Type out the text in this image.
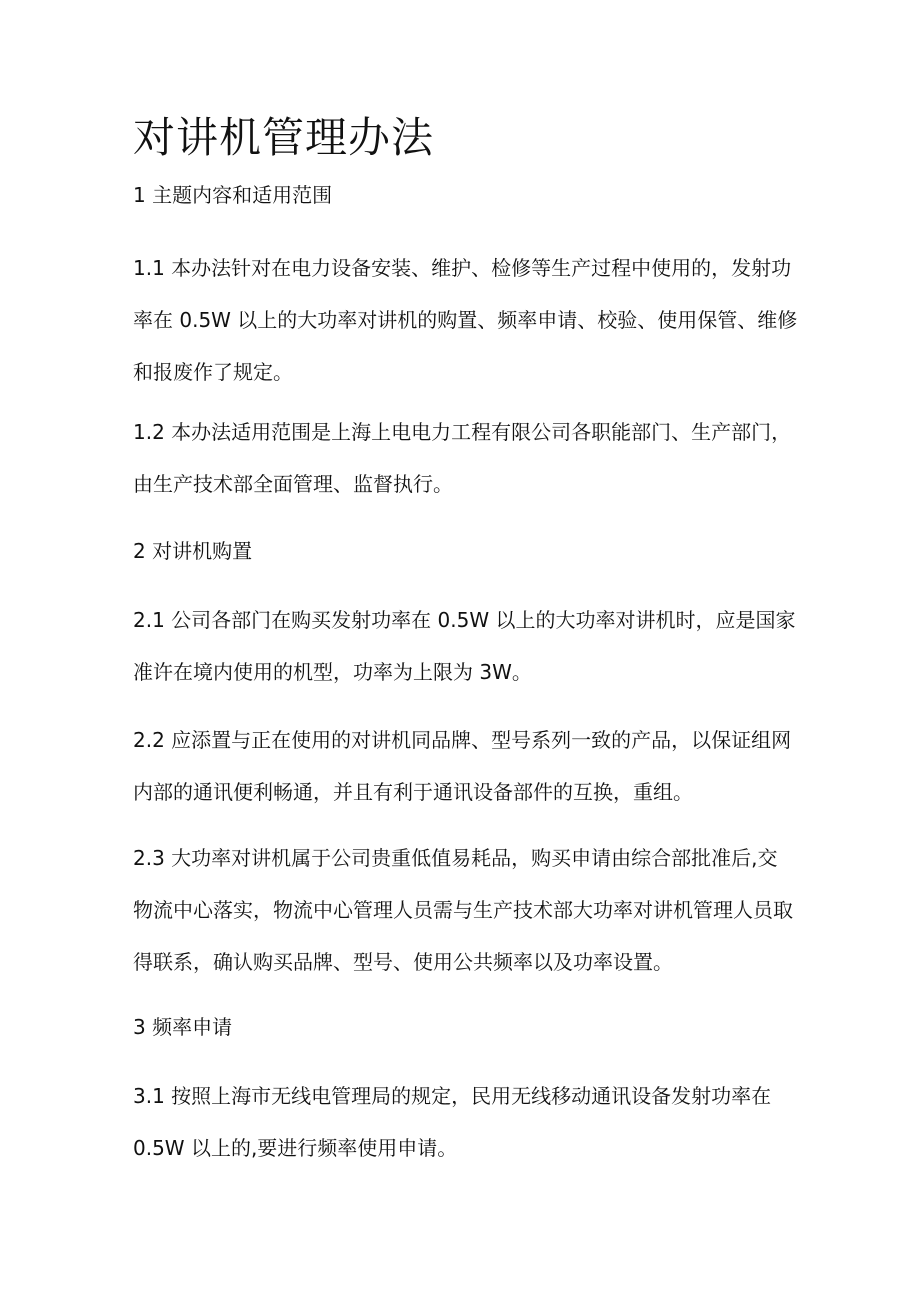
对讲机管理办法
1 主题内容和适用范围
1.1 本办法针对在电力设备安装、维护、检修等生产过程中使用的，发射功
率在 0.5W 以上的大功率对讲机的购置、频率申请、校验、使用保管、维修
和报废作了规定。
1.2 本办法适用范围是上海上电电力工程有限公司各职能部门、生产部门，
由生产技术部全面管理、监督执行。
2 对讲机购置
2.1 公司各部门在购买发射功率在 0.5W 以上的大功率对讲机时，应是国家
准许在境内使用的机型，功率为上限为 3W。
2.2 应添置与正在使用的对讲机同品牌、型号系列一致的产品，以保证组网
内部的通讯便利畅通，并且有利于通讯设备部件的互换，重组。
2.3 大功率对讲机属于公司贵重低值易耗品，购买申请由综合部批准后,交
物流中心落实，物流中心管理人员需与生产技术部大功率对讲机管理人员取
得联系，确认购买品牌、型号、使用公共频率以及功率设置。
3 频率申请
3.1 按照上海市无线电管理局的规定，民用无线移动通讯设备发射功率在
0.5W 以上的,要进行频率使用申请。
